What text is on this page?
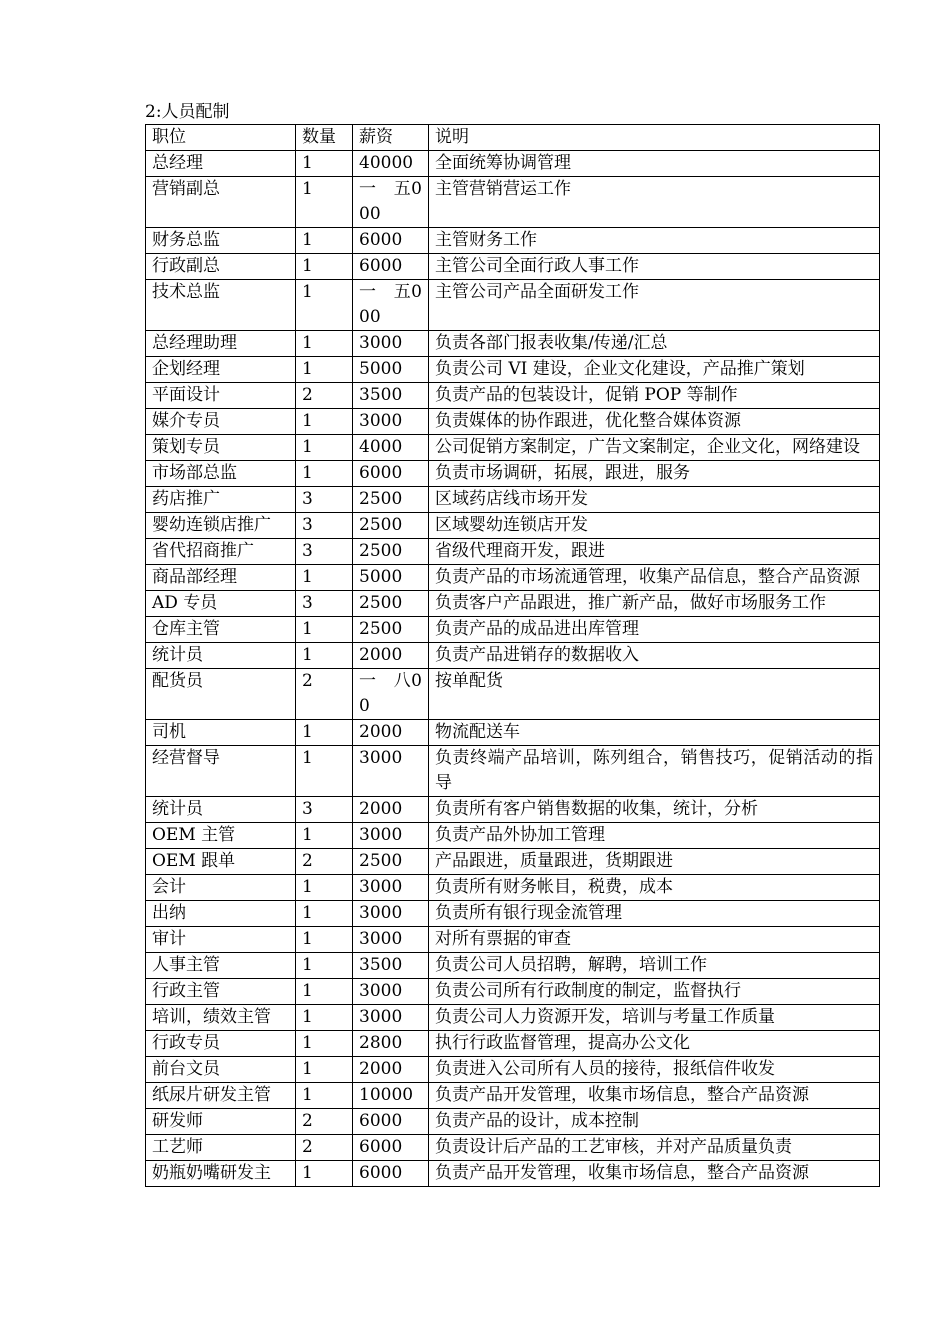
2:人员配制
职位	数量	薪资	说明
总经理	1	40000	全面统筹协调管理
营销副总	1	一　五000	主管营销营运工作
财务总监	1	6000	主管财务工作
行政副总	1	6000	主管公司全面行政人事工作
技术总监	1	一　五000	主管公司产品全面研发工作
总经理助理	1	3000	负责各部门报表收集/传递/汇总
企划经理	1	5000	负责公司 VI 建设，企业文化建设，产品推广策划
平面设计	2	3500	负责产品的包装设计，促销 POP 等制作
媒介专员	1	3000	负责媒体的协作跟进，优化整合媒体资源
策划专员	1	4000	公司促销方案制定，广告文案制定，企业文化，网络建设
市场部总监	1	6000	负责市场调研，拓展，跟进，服务
药店推广	3	2500	区域药店线市场开发
婴幼连锁店推广	3	2500	区域婴幼连锁店开发
省代招商推广	3	2500	省级代理商开发，跟进
商品部经理	1	5000	负责产品的市场流通管理，收集产品信息，整合产品资源
AD 专员	3	2500	负责客户产品跟进，推广新产品，做好市场服务工作
仓库主管	1	2500	负责产品的成品进出库管理
统计员	1	2000	负责产品进销存的数据收入
配货员	2	一　八00	按单配货
司机	1	2000	物流配送车
经营督导	1	3000	负责终端产品培训，陈列组合，销售技巧，促销活动的指导
统计员	3	2000	负责所有客户销售数据的收集，统计，分析
OEM 主管	1	3000	负责产品外协加工管理
OEM 跟单	2	2500	产品跟进，质量跟进，货期跟进
会计	1	3000	负责所有财务帐目，税费，成本
出纳	1	3000	负责所有银行现金流管理
审计	1	3000	对所有票据的审查
人事主管	1	3500	负责公司人员招聘，解聘，培训工作
行政主管	1	3000	负责公司所有行政制度的制定，监督执行
培训，绩效主管	1	3000	负责公司人力资源开发，培训与考量工作质量
行政专员	1	2800	执行行政监督管理，提高办公文化
前台文员	1	2000	负责进入公司所有人员的接待，报纸信件收发
纸尿片研发主管	1	10000	负责产品开发管理，收集市场信息，整合产品资源
研发师	2	6000	负责产品的设计，成本控制
工艺师	2	6000	负责设计后产品的工艺审核，并对产品质量负责
奶瓶奶嘴研发主	1	6000	负责产品开发管理，收集市场信息，整合产品资源
